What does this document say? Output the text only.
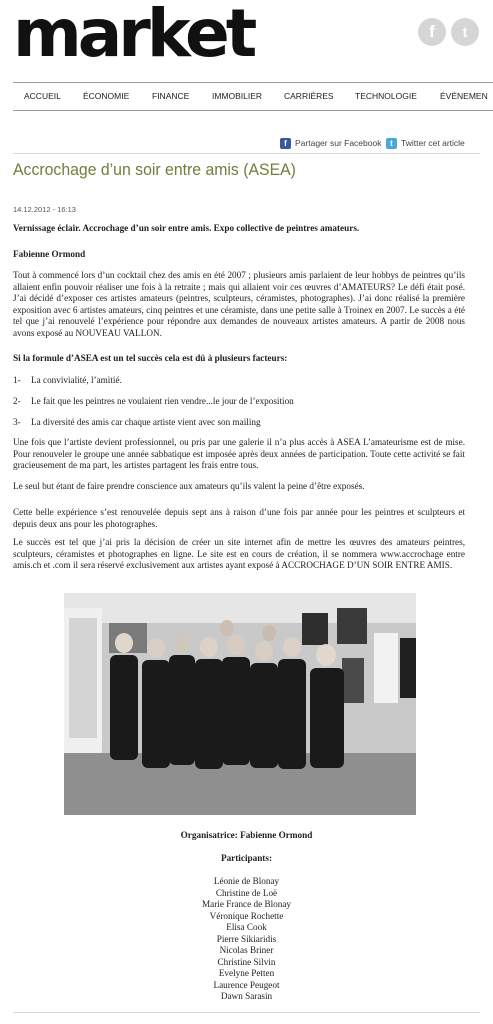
market	f	t
ACCUEIL	ÉCONOMIE	FINANCE	IMMOBILIER	CARRIÈRES	TECHNOLOGIE	ÉVÉNEMEN
f Partager sur Facebook	t Twitter cet article
Accrochage d’un soir entre amis (ASEA)
14.12.2012 - 16:13
Vernissage éclair. Accrochage d’un soir entre amis. Expo collective de peintres amateurs.
Fabienne Ormond
Tout à commencé lors d’un cocktail chez des amis en été 2007 ; plusieurs amis parlaient de leur hobbys de peintres qu’ils allaient enfin pouvoir réaliser une fois à la retraite ; mais qui allaient voir ces œuvres d’AMATEURS? Le défi était posé. J’ai décidé d’exposer ces artistes amateurs (peintres, sculpteurs, céramistes, photographes). J’ai donc réalisé la première exposition avec 6 artistes amateurs, cinq peintres et une céramiste, dans une petite salle à Troinex en 2007. Le succès a été tel que j’ai renouvelé l’expérience pour répondre aux demandes de nouveaux artistes amateurs. A partir de 2008 nous avons exposé au NOUVEAU VALLON.
Si la formule d’ASEA est un tel succès cela est dû à plusieurs facteurs:
1- La convivialité, l’amitié.
2- Le fait que les peintres ne voulaient rien vendre...le jour de l’exposition
3- La diversité des amis car chaque artiste vient avec son mailing
Une fois que l’artiste devient professionnel, ou pris par une galerie il n’a plus accès à ASEA L’amateurisme est de mise. Pour renouveler le groupe une année sabbatique est imposée après deux années de participation. Toute cette activité se fait gracieusement de ma part, les artistes partagent les frais entre tous.
Le seul but étant de faire prendre conscience aux amateurs qu’ils valent la peine d’être exposés.
Cette belle expérience s’est renouvelée depuis sept ans à raison d’une fois par année pour les peintres et sculpteurs et depuis deux ans pour les photographes.
Le succès est tel que j’ai pris la décision de créer un site internet afin de mettre les œuvres des amateurs peintres, sculpteurs, céramistes et photographes en ligne. Le site est en cours de création, il se nommera www.accrochage entre amis.ch et .com il sera réservé exclusivement aux artistes ayant exposé à ACCROCHAGE D’UN SOIR ENTRE AMIS.
Organisatrice: Fabienne Ormond
Participants:
Léonie de Blonay
Christine de Loë
Marie France de Blonay
Véronique Rochette
Elisa Cook
Pierre Sikiaridis
Nicolas Briner
Christine Silvin
Evelyne Petten
Laurence Peugeot
Dawn Sarasin
